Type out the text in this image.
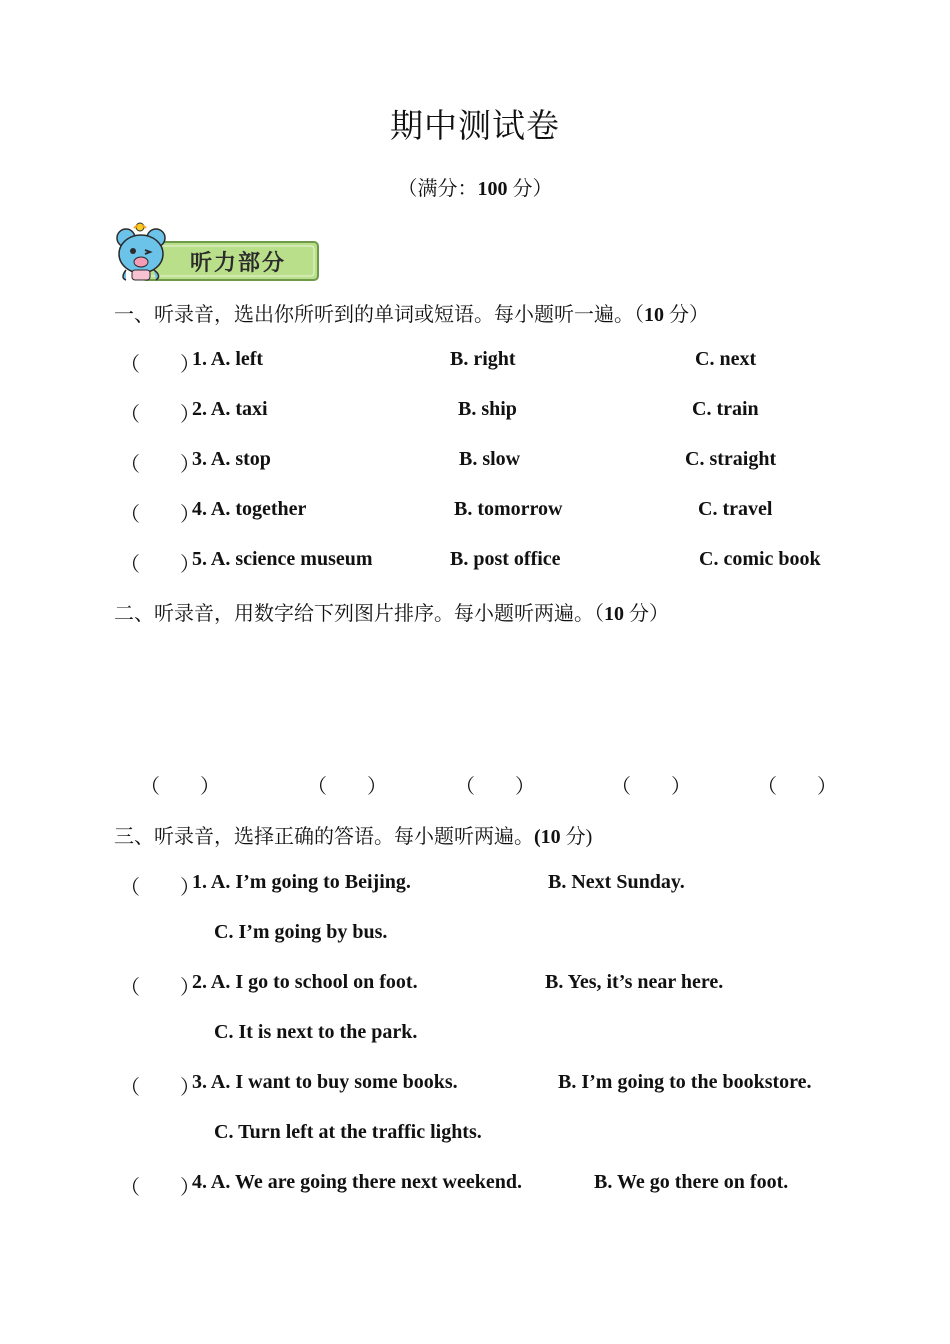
期中测试卷
（满分：100 分）
听力部分
一、听录音，选出你所听到的单词或短语。每小题听一遍。（10 分）
（　　）
1. A. left	B. right	C. next
（　　）
2. A. taxi	B. ship	C. train
（　　）
3. A. stop	B. slow	C. straight
（　　）
4. A. together	B. tomorrow	C. travel
（　　）
5. A. science museum	B. post office	C. comic book
二、听录音，用数字给下列图片排序。每小题听两遍。（10 分）
（　　）	（　　）	（　　）	（　　）	（　　）
三、听录音，选择正确的答语。每小题听两遍。(10 分)
（　　）
1. A. I’m going to Beijing.	B. Next Sunday.
C. I’m going by bus.
（　　）
2. A. I go to school on foot.	B. Yes, it’s near here.
C. It is next to the park.
（　　）
3. A. I want to buy some books.	B. I’m going to the bookstore.
C. Turn left at the traffic lights.
（　　）
4. A. We are going there next weekend.	B. We go there on foot.
